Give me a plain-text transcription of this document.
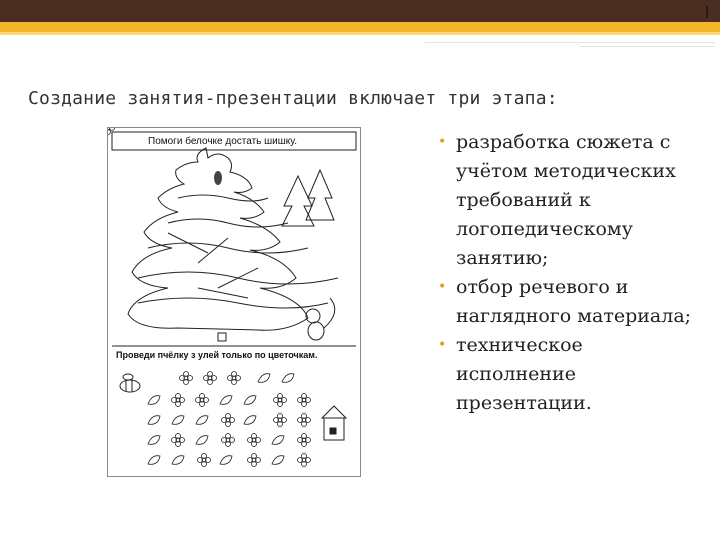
Создание занятия-презентации включает три этапа:
Помоги белочке достать шишку.
Проведи пчёлку з улей только по цветочкам.
• разработка сюжета с учётом методических требований к логопедическому занятию;
• отбор речевого и наглядного материала;
• техническое исполнение презентации.
